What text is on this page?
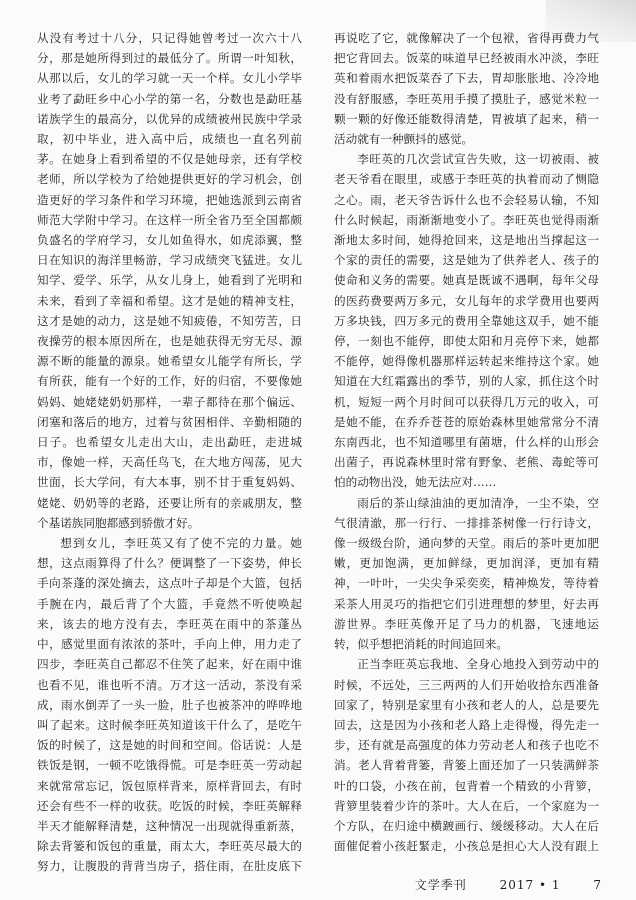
从没有考过十八分，只记得她曾考过一次六十八分，那是她所得到过的最低分了。所谓一叶知秋，从那以后，女儿的学习就一天一个样。女儿小学毕业考了勐旺乡中心小学的第一名，分数也是勐旺基诺族学生的最高分，以优异的成绩被州民族中学录取，初中毕业，进入高中后，成绩也一直名列前茅。在她身上看到希望的不仅是她母亲，还有学校老师，所以学校为了给她提供更好的学习机会，创造更好的学习条件和学习环境，把她选派到云南省师范大学附中学习。在这样一所全省乃至全国都颇负盛名的学府学习，女儿如鱼得水，如虎添翼，整日在知识的海洋里畅游，学习成绩突飞猛进。女儿知学、爱学、乐学，从女儿身上，她看到了光明和未来，看到了幸福和希望。这才是她的精神支柱，这才是她的动力，这是她不知疲倦，不知劳苦，日夜操劳的根本原因所在，也是她获得无穷无尽、源源不断的能量的源泉。她希望女儿能学有所长，学有所获，能有一个好的工作，好的归宿，不要像她妈妈、她姥姥奶奶那样，一辈子都待在那个偏远、闭塞和落后的地方，过着与贫困相伴、辛勤相随的日子。也希望女儿走出大山，走出勐旺，走进城市，像她一样，天高任鸟飞，在大地方闯荡，见大世面，长大学问，有大本事，别不甘于重复妈妈、姥姥、奶奶等的老路，还要让所有的亲戚朋友，整个基诺族同胞都感到骄傲才好。

想到女儿，李旺英又有了使不完的力量。她想，这点雨算得了什么？便调整了一下姿势，伸长手向茶蓬的深处摘去，这点叶子却是个大篮，包括手腕在内，最后背了个大篮，手竟然不听使唤起来，该去的地方没有去，李旺英在雨中的茶蓬丛中，感觉里面有浓浓的茶叶，手向上伸，用力走了四步，李旺英自己都忍不住笑了起来，好在雨中谁也看不见，谁也听不清。万才这一活动，茶没有采成，雨水倒弄了一头一脸，肚子也被茶冲的哗哗地叫了起来。这时候李旺英知道该干什么了，是吃午饭的时候了，这是她的时间和空间。俗话说：人是铁饭是钢，一顿不吃饿得慌。可是李旺英一劳动起来就常常忘记，饭包原样背来，原样背回去，有时还会有些不一样的收获。吃饭的时候，李旺英解释半天才能解释清楚，这种情况一出现就得重新蒸，除去背篓和饭包的重量，雨太大，李旺英尽最大的努力，让腹股的背背当房子，搭住雨，在肚皮底下

再说吃了它，就像解决了一个包袱，省得再费力气把它背回去。饭菜的味道早已经被雨水冲淡，李旺英和着雨水把饭菜吞了下去，胃却胀胀地、冷冷地没有舒服感，李旺英用手摸了摸肚子，感觉米粒一颗一颗的好像还能数得清楚，胃被填了起来，稍一活动就有一种颤抖的感觉。

李旺英的几次尝试宣告失败，这一切被雨、被老天爷看在眼里，或感于李旺英的执着而动了恻隐之心。雨，老天爷告诉什么也不会轻易认输，不知什么时候起，雨渐渐地变小了。李旺英也觉得雨渐渐地太多时间，她得抢回来，这是地出当撑起这一个家的责任的需要，这是她为了供养老人、孩子的使命和义务的需要。她真是既诚不遇啊，每年父母的医药费要两万多元，女儿每年的求学费用也要两万多块钱，四万多元的费用全靠她这双手，她不能停，一刻也不能停，即使太阳和月亮停下来，她都不能停，她得像机器那样运转起来维持这个家。她知道在大红霜露出的季节，别的人家，抓住这个时机，短短一两个月时间可以获得几万元的收入，可是她不能，在乔乔苍苍的原始森林里她常常分不清东南西北，也不知道哪里有菌塘，什么样的山形会出菌子，再说森林里时常有野象、老熊、毒蛇等可怕的动物出没，她无法应对……

雨后的茶山绿油油的更加清净，一尘不染，空气很清澈，那一行行、一排排茶树像一行行诗文，像一级级台阶，通向梦的天堂。雨后的茶叶更加肥嫩，更加饱满，更加鲜绿，更加润泽，更加有精神，一叶叶，一尖尖争采奕奕，精神焕发，等待着采茶人用灵巧的指把它们引进理想的梦里，好去再游世界。李旺英像开足了马力的机器，飞速地运转，似乎想把消耗的时间追回来。

正当李旺英忘我地、全身心地投入到劳动中的时候，不远处，三三两两的人们开始收拾东西准备回家了，特别是家里有小孩和老人的人，总是要先回去，这是因为小孩和老人路上走得慢，得先走一步，还有就是高强度的体力劳动老人和孩子也吃不消。老人背着背篓，背篓上面还加了一只装满鲜茶叶的口袋，小孩在前，包背着一个精致的小背箩，背箩里装着少许的茶叶。大人在后，一个家庭为一个方队，在归途中横踱画行、缓缓移动。大人在后面催促着小孩赶緊走，小孩总是担心大人没有跟上

文学季刊	2017 • 1	7
